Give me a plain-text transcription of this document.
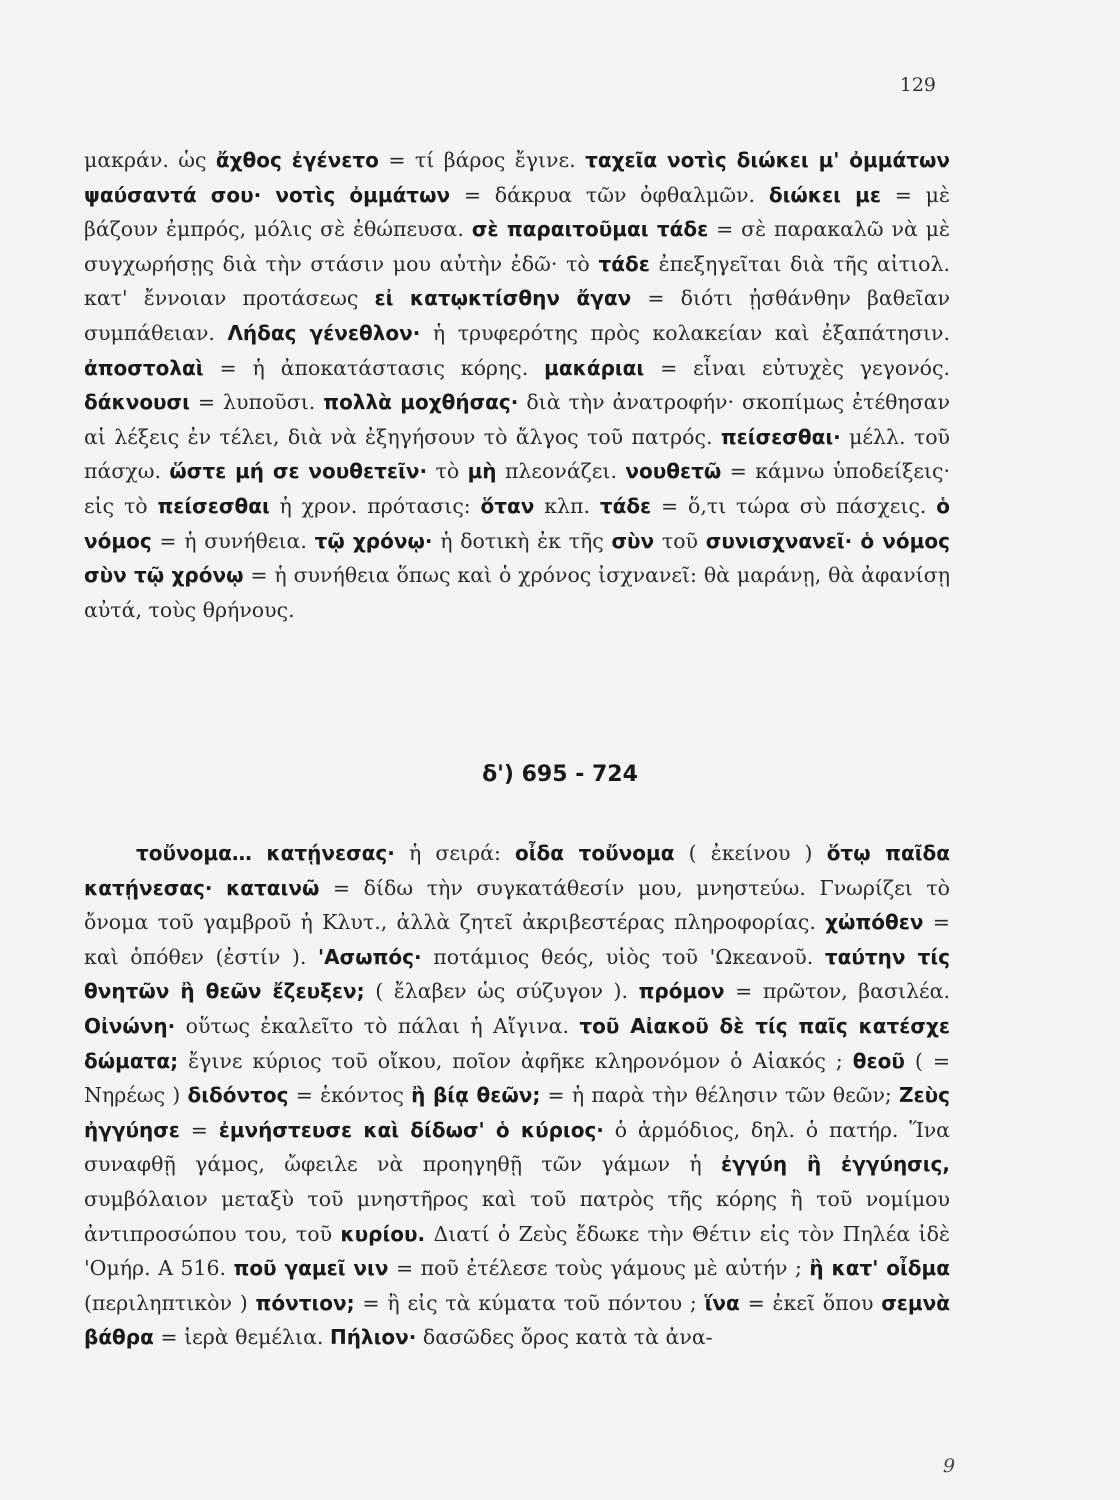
129

μακράν. ὡς ἄχθος ἐγένετο = τί βάρος ἔγινε. ταχεῖα νοτὶς διώκει μ' ὀμμάτων ψαύσαντά σου· νοτὶς ὀμμάτων = δάκρυα τῶν ὀφθαλμῶν. διώκει με = μὲ βάζουν ἐμπρός, μόλις σὲ ἐθώπευσα. σὲ παραιτοῦμαι τάδε = σὲ παρακαλῶ νὰ μὲ συγχωρήσῃς διὰ τὴν στάσιν μου αὐτὴν ἐδῶ· τὸ τάδε ἐπεξηγεῖται διὰ τῆς αἰτιολ. κατ' ἔννοιαν προτάσεως εἰ κατῳκτίσθην ἄγαν = διότι ᾐσθάνθην βαθεῖαν συμπάθειαν. Λήδας γένεθλον· ἡ τρυφερότης πρὸς κολακείαν καὶ ἐξαπάτησιν. ἀποστολαὶ = ἡ ἀποκατάστασις κόρης. μακάριαι = εἶναι εὐτυχὲς γεγονός. δάκνουσι = λυποῦσι. πολλὰ μοχθήσας· διὰ τὴν ἀνατροφήν· σκοπίμως ἐτέθησαν αἱ λέξεις ἐν τέλει, διὰ νὰ ἐξηγήσουν τὸ ἄλγος τοῦ πατρός. πείσεσθαι· μέλλ. τοῦ πάσχω. ὥστε μή σε νουθετεῖν· τὸ μὴ πλεονάζει. νουθετῶ = κάμνω ὑποδείξεις· εἰς τὸ πείσεσθαι ἡ χρον. πρότασις: ὅταν κλπ. τάδε = ὅ,τι τώρα σὺ πάσχεις. ὁ νόμος = ἡ συνήθεια. τῷ χρόνῳ· ἡ δοτικὴ ἐκ τῆς σὺν τοῦ συνισχνανεῖ· ὁ νόμος σὺν τῷ χρόνῳ = ἡ συνήθεια ὅπως καὶ ὁ χρόνος ἰσχνανεῖ: θὰ μαράνῃ, θὰ ἀφανίσῃ αὐτά, τοὺς θρήνους.

δ') 695 - 724

τοὔνομα… κατῄνεσας· ἡ σειρά: οἶδα τοὔνομα ( ἐκείνου ) ὅτῳ παῖδα κατῄνεσας· καταινῶ = δίδω τὴν συγκατάθεσίν μου, μνηστεύω. Γνωρίζει τὸ ὄνομα τοῦ γαμβροῦ ἡ Κλυτ., ἀλλὰ ζητεῖ ἀκριβεστέρας πληροφορίας. χὠπόθεν = καὶ ὁπόθεν (ἐστίν ). 'Ασωπός· ποτάμιος θεός, υἱὸς τοῦ 'Ωκεανοῦ. ταύτην τίς θνητῶν ἢ θεῶν ἔζευξεν; ( ἔλαβεν ὡς σύζυγον ). πρόμον = πρῶτον, βασιλέα. Οἰνώνη· οὕτως ἐκαλεῖτο τὸ πάλαι ἡ Αἴγινα. τοῦ Αἰακοῦ δὲ τίς παῖς κατέσχε δώματα; ἔγινε κύριος τοῦ οἴκου, ποῖον ἀφῆκε κληρονόμον ὁ Αἰακός ; θεοῦ ( = Νηρέως ) διδόντος = ἑκόντος ἢ βίᾳ θεῶν; = ἡ παρὰ τὴν θέλησιν τῶν θεῶν; Ζεὺς ἠγγύησε = ἐμνήστευσε καὶ δίδωσ' ὁ κύριος· ὁ ἁρμόδιος, δηλ. ὁ πατήρ. Ἵνα συναφθῇ γάμος, ὤφειλε νὰ προηγηθῇ τῶν γάμων ἡ ἐγγύη ἢ ἐγγύησις, συμβόλαιον μεταξὺ τοῦ μνηστῆρος καὶ τοῦ πατρὸς τῆς κόρης ἢ τοῦ νομίμου ἀντιπροσώπου του, τοῦ κυρίου. Διατί ὁ Ζεὺς ἔδωκε τὴν Θέτιν εἰς τὸν Πηλέα ἰδὲ 'Ομήρ. Α 516. ποῦ γαμεῖ νιν = ποῦ ἐτέλεσε τοὺς γάμους μὲ αὐτήν ; ἢ κατ' οἶδμα (περιληπτικὸν ) πόντιον; = ἢ εἰς τὰ κύματα τοῦ πόντου ; ἵνα = ἐκεῖ ὅπου σεμνὰ βάθρα = ἱερὰ θεμέλια. Πήλιον· δασῶδες ὄρος κατὰ τὰ ἀνα-

9
